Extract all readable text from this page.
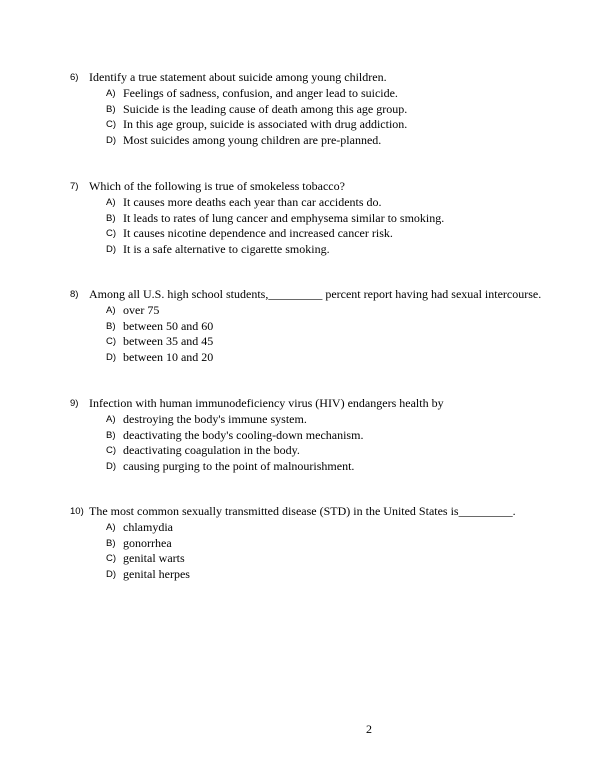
6) Identify a true statement about suicide among young children.
A) Feelings of sadness, confusion, and anger lead to suicide.
B) Suicide is the leading cause of death among this age group.
C) In this age group, suicide is associated with drug addiction.
D) Most suicides among young children are pre-planned.
7) Which of the following is true of smokeless tobacco?
A) It causes more deaths each year than car accidents do.
B) It leads to rates of lung cancer and emphysema similar to smoking.
C) It causes nicotine dependence and increased cancer risk.
D) It is a safe alternative to cigarette smoking.
8) Among all U.S. high school students,_________ percent report having had sexual intercourse.
A) over 75
B) between 50 and 60
C) between 35 and 45
D) between 10 and 20
9) Infection with human immunodeficiency virus (HIV) endangers health by
A) destroying the body's immune system.
B) deactivating the body's cooling-down mechanism.
C) deactivating coagulation in the body.
D) causing purging to the point of malnourishment.
10) The most common sexually transmitted disease (STD) in the United States is_________.
A) chlamydia
B) gonorrhea
C) genital warts
D) genital herpes
2
